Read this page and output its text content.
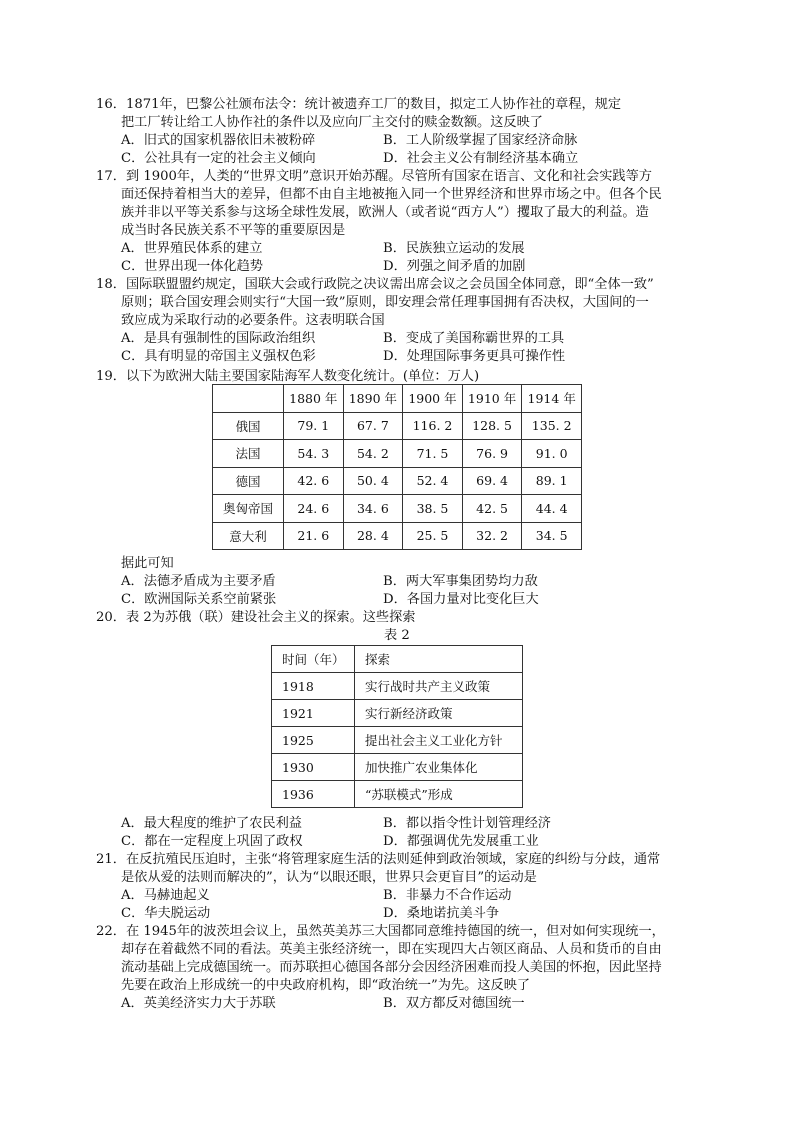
16．1871年，巴黎公社颁布法令：统计被遗弃工厂的数目，拟定工人协作社的章程，规定
把工厂转让给工人协作社的条件以及应向厂主交付的赎金数额。这反映了
A．旧式的国家机器依旧未被粉碎	B．工人阶级掌握了国家经济命脉
C．公社具有一定的社会主义倾向	D．社会主义公有制经济基本确立
17．到 1900年，人类的“世界文明”意识开始苏醒。尽管所有国家在语言、文化和社会实践等方
面还保持着相当大的差异，但都不由自主地被拖入同一个世界经济和世界市场之中。但各个民
族并非以平等关系参与这场全球性发展，欧洲人（或者说“西方人”）攫取了最大的利益。造
成当时各民族关系不平等的重要原因是
A．世界殖民体系的建立	B．民族独立运动的发展
C．世界出现一体化趋势	D．列强之间矛盾的加剧
18．国际联盟盟约规定，国联大会或行政院之决议需出席会议之会员国全体同意，即“全体一致”
原则；联合国安理会则实行“大国一致”原则，即安理会常任理事国拥有否决权，大国间的一
致应成为采取行动的必要条件。这表明联合国
A．是具有强制性的国际政治组织	B．变成了美国称霸世界的工具
C．具有明显的帝国主义强权色彩	D．处理国际事务更具可操作性
19．以下为欧洲大陆主要国家陆海军人数变化统计。(单位：万人)
	1880 年	1890 年	1900 年	1910 年	1914 年
俄国	79. 1	67. 7	116. 2	128. 5	135. 2
法国	54. 3	54. 2	71. 5	76. 9	91. 0
德国	42. 6	50. 4	52. 4	69. 4	89. 1
奥匈帝国	24. 6	34. 6	38. 5	42. 5	44. 4
意大利	21. 6	28. 4	25. 5	32. 2	34. 5
据此可知
A．法德矛盾成为主要矛盾	B．两大军事集团势均力敌
C．欧洲国际关系空前紧张	D．各国力量对比变化巨大
20．表 2为苏俄（联）建设社会主义的探索。这些探索
表 2
时间（年）	探索
1918	实行战时共产主义政策
1921	实行新经济政策
1925	提出社会主义工业化方针
1930	加快推广农业集体化
1936	“苏联模式”形成
A．最大程度的维护了农民利益	B．都以指令性计划管理经济
C．都在一定程度上巩固了政权	D．都强调优先发展重工业
21．在反抗殖民压迫时，主张“将管理家庭生活的法则延伸到政治领域，家庭的纠纷与分歧，通常
是依从爱的法则而解决的”，认为“以眼还眼，世界只会更盲目”的运动是
A．马赫迪起义	B．非暴力不合作运动
C．华夫脱运动	D．桑地诺抗美斗争
22．在 1945年的波茨坦会议上，虽然英美苏三大国都同意维持德国的统一，但对如何实现统一，
却存在着截然不同的看法。英美主张经济统一，即在实现四大占领区商品、人员和货币的自由
流动基础上完成德国统一。而苏联担心德国各部分会因经济困难而投人美国的怀抱，因此坚持
先要在政治上形成统一的中央政府机构，即“政治统一”为先。这反映了
A．英美经济实力大于苏联	B．双方都反对德国统一
